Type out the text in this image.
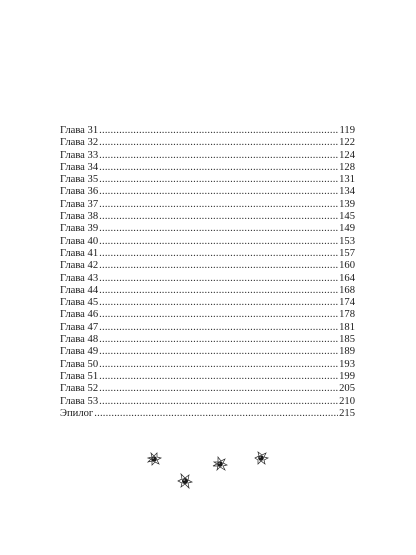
Глава 31 .....	119
Глава 32 .....	122
Глава 33 .....	124
Глава 34 .....	128
Глава 35 .....	131
Глава 36 .....	134
Глава 37 .....	139
Глава 38 .....	145
Глава 39 .....	149
Глава 40 .....	153
Глава 41 .....	157
Глава 42 .....	160
Глава 43 .....	164
Глава 44 .....	168
Глава 45 .....	174
Глава 46 .....	178
Глава 47 .....	181
Глава 48 .....	185
Глава 49 .....	189
Глава 50 .....	193
Глава 51 .....	199
Глава 52 .....	205
Глава 53 .....	210
Эпилог .....	215
